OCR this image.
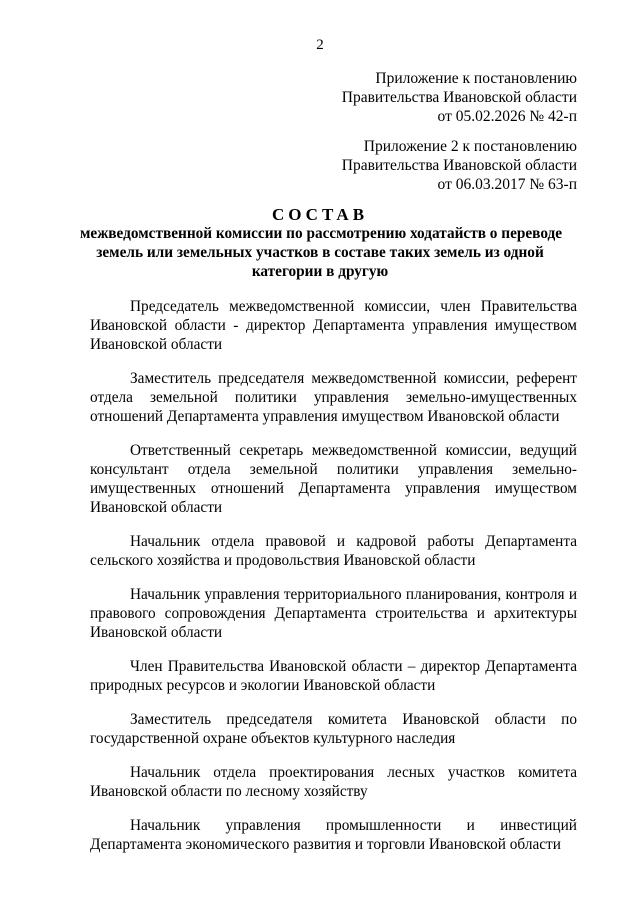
2
Приложение к постановлению
Правительства Ивановской области
от 05.02.2026 № 42-п
Приложение 2 к постановлению
Правительства Ивановской области
от 06.03.2017 № 63-п
СОСТАВ
межведомственной комиссии по рассмотрению ходатайств о переводе
земель или земельных участков в составе таких земель из одной
категории в другую
Председатель межведомственной комиссии, член Правительства
Ивановской области - директор Департамента управления имуществом
Ивановской области
Заместитель председателя межведомственной комиссии, референт
отдела земельной политики управления земельно-имущественных
отношений Департамента управления имуществом Ивановской области
Ответственный секретарь межведомственной комиссии, ведущий
консультант отдела земельной политики управления земельно-
имущественных отношений Департамента управления имуществом
Ивановской области
Начальник отдела правовой и кадровой работы Департамента
сельского хозяйства и продовольствия Ивановской области
Начальник управления территориального планирования, контроля и
правового сопровождения Департамента строительства и архитектуры
Ивановской области
Член Правительства Ивановской области – директор Департамента
природных ресурсов и экологии Ивановской области
Заместитель председателя комитета Ивановской области по
государственной охране объектов культурного наследия
Начальник отдела проектирования лесных участков комитета
Ивановской области по лесному хозяйству
Начальник управления промышленности и инвестиций
Департамента экономического развития и торговли Ивановской области
